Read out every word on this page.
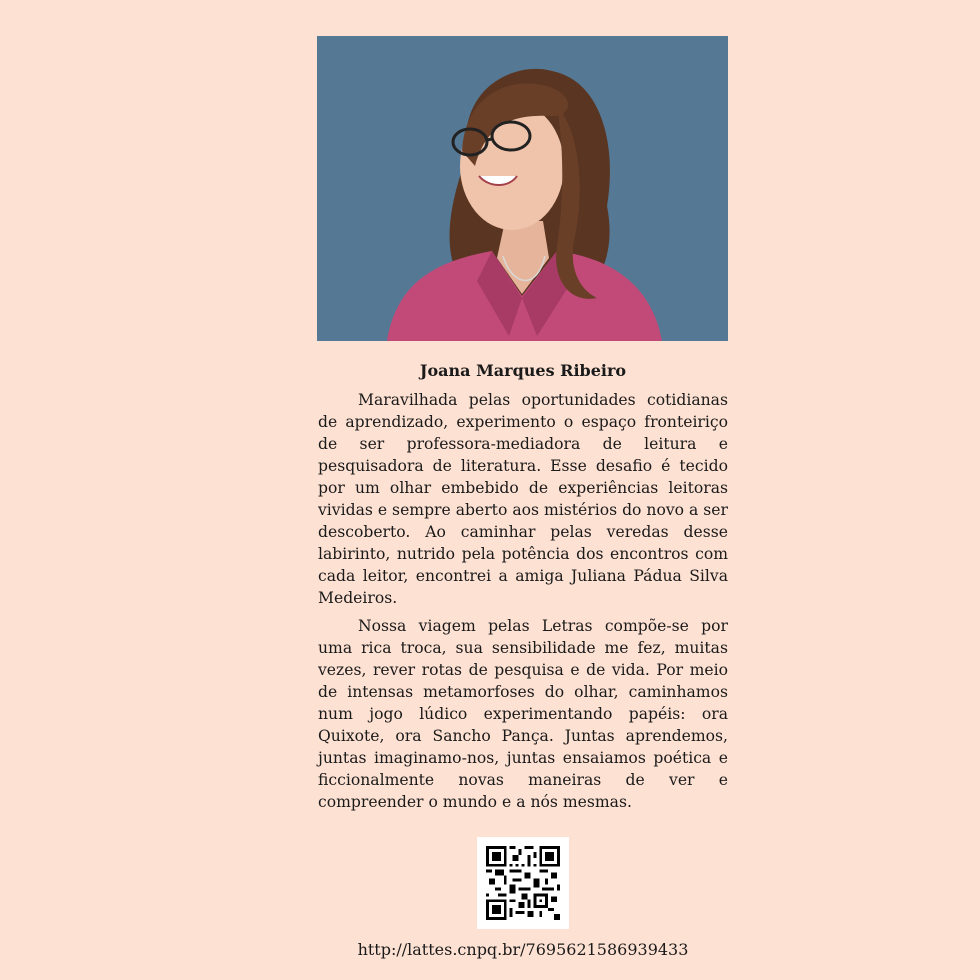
Joana Marques Ribeiro

Maravilhada pelas oportunidades cotidianas de aprendizado, experimento o espaço fronteiriço de ser professora-mediadora de leitura e pesquisadora de literatura. Esse desafio é tecido por um olhar embebido de experiências leitoras vividas e sempre aberto aos mistérios do novo a ser descoberto. Ao caminhar pelas veredas desse labirinto, nutrido pela potência dos encontros com cada leitor, encontrei a amiga Juliana Pádua Silva Medeiros.

Nossa viagem pelas Letras compõe-se por uma rica troca, sua sensibilidade me fez, muitas vezes, rever rotas de pesquisa e de vida. Por meio de intensas metamorfoses do olhar, caminhamos num jogo lúdico experimentando papéis: ora Quixote, ora Sancho Pança. Juntas aprendemos, juntas imaginamo-nos, juntas ensaiamos poética e ficcionalmente novas maneiras de ver e compreender o mundo e a nós mesmas.

http://lattes.cnpq.br/7695621586939433
